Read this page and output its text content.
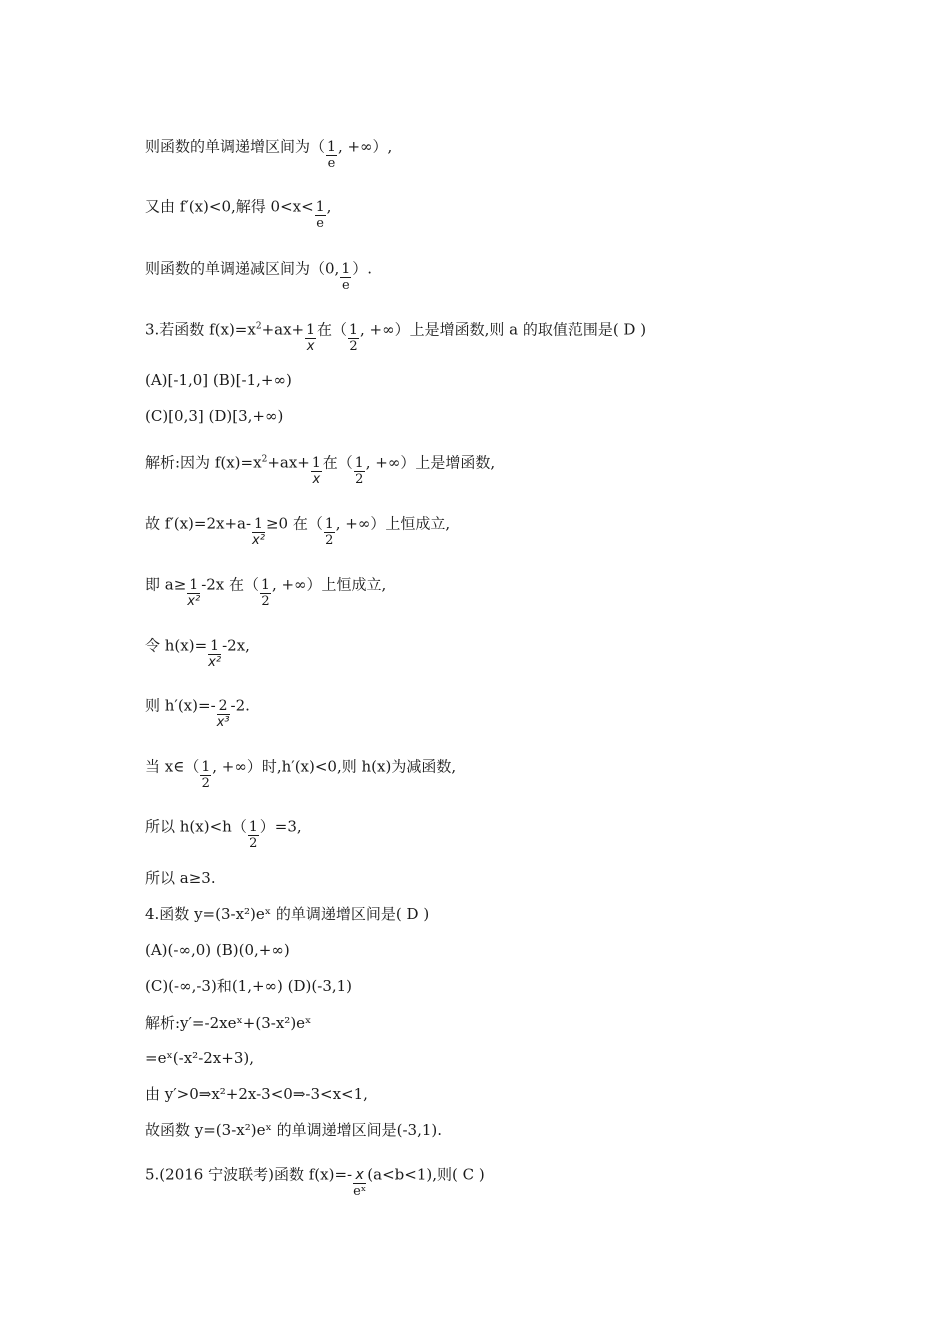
则函数的单调递增区间为（ $\frac{1}{e}$ , +∞）,
又由 f′(x)<0,解得 $0<x< \frac{1}{e}$ ,
则函数的单调递减区间为（0, $\frac{1}{e}$ ）.
3.若函数 $f(x)=x^2+ax+ \frac{1}{x}$ 在（ $\frac{1}{2}$ , +∞）上是增函数,则 a 的取值范围是( D )
(A)[-1,0] (B)[-1,+∞)
(C)[0,3] (D)[3,+∞)
解析:因为 $f(x)=x^2+ax+ \frac{1}{x}$ 在（ $\frac{1}{2}$ , +∞）上是增函数,
故 $f'(x)=2x+a- \frac{1}{\text{x²}} \ge 0$ 在（ $\frac{1}{2}$ , +∞）上恒成立,
即 $a\ge \frac{1}{\text{x²}} -2x$ 在（ $\frac{1}{2}$ , +∞）上恒成立,
令 $h(x)= \frac{1}{\text{x²}} -2x$,
则 $h'(x)=- \frac{2}{\text{x³}} -2$.
当 x∈（ $\frac{1}{2}$ , +∞）时,h′(x)<0,则 h(x)为减函数,
所以 $h(x)<h( \frac{1}{2} )=3$,
所以 a≥3.
4.函数 y=(3-x²)eˣ 的单调递增区间是( D )
(A)(-∞,0) (B)(0,+∞)
(C)(-∞,-3)和(1,+∞) (D)(-3,1)
解析:y′=-2xeˣ+(3-x²)eˣ
=eˣ(-x²-2x+3),
由 y′>0⇒x²+2x-3<0⇒-3<x<1,
故函数 y=(3-x²)eˣ 的单调递增区间是(-3,1).
5.(2016 宁波联考)函数 $f(x)=- \frac{x}{\text{eˣ}} (a<b<1)$,则( C )
